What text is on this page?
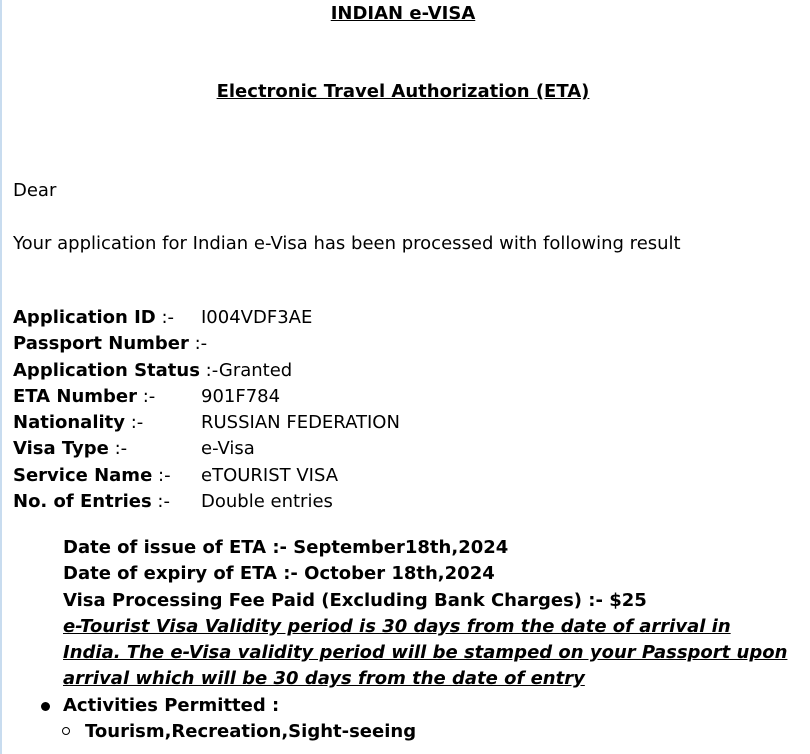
INDIAN e-VISA
Electronic Travel Authorization (ETA)
Dear
Your application for Indian e-Visa has been processed with following result
Application ID :- I004VDF3AE
Passport Number :-
Application Status :-Granted
ETA Number :-	901F784
Nationality :-	RUSSIAN FEDERATION
Visa Type :-	e-Visa
Service Name :- eTOURIST VISA
No. of Entries :- Double entries
Date of issue of ETA :- September18th,2024
Date of expiry of ETA :- October 18th,2024
Visa Processing Fee Paid (Excluding Bank Charges) :- $25
e-Tourist Visa Validity period is 30 days from the date of arrival in India. The e-Visa validity period will be stamped on your Passport upon arrival which will be 30 days from the date of entry
Activities Permitted :
Tourism,Recreation,Sight-seeing
